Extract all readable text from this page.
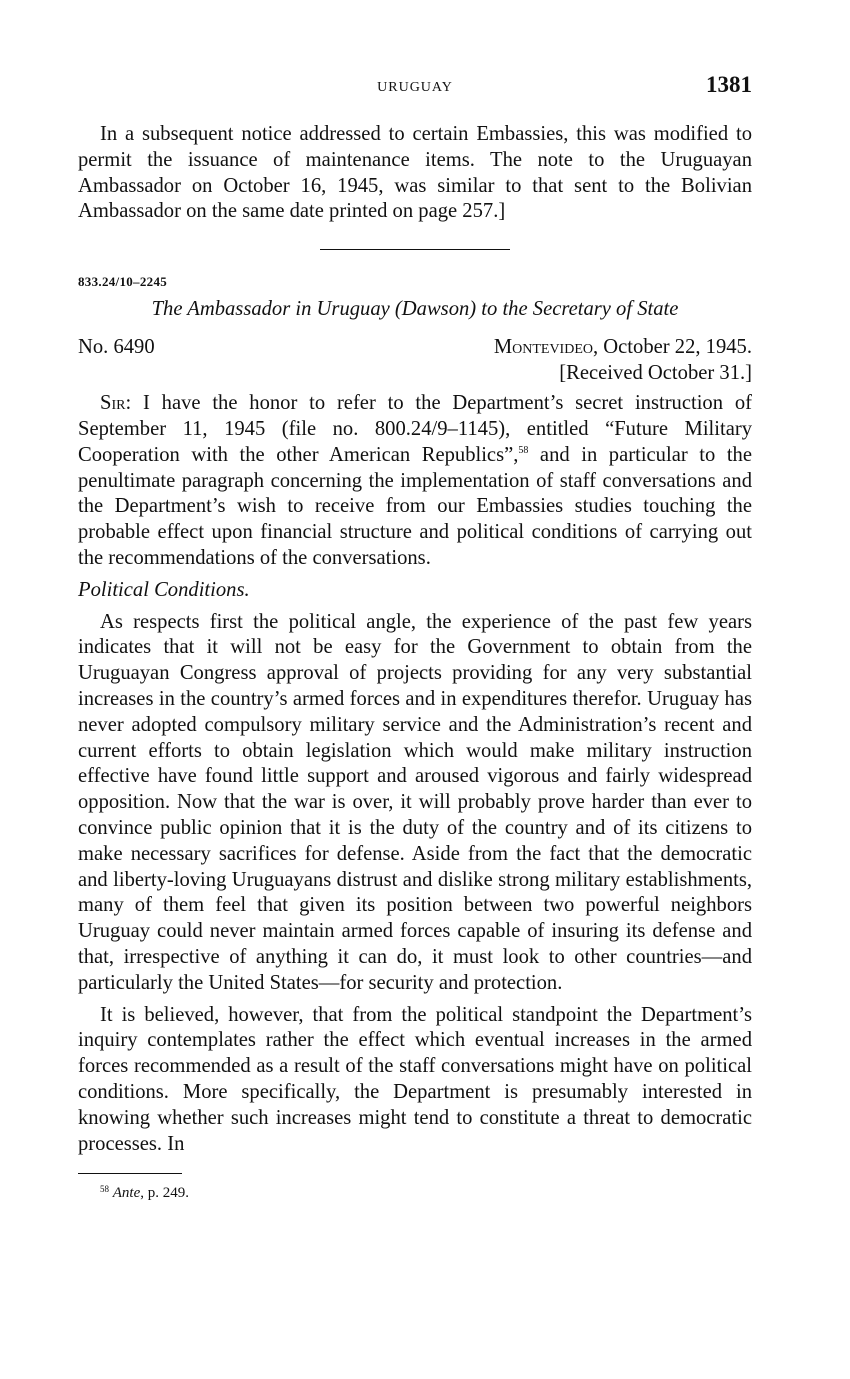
URUGUAY	1381

In a subsequent notice addressed to certain Embassies, this was modified to permit the issuance of maintenance items. The note to the Uruguayan Ambassador on October 16, 1945, was similar to that sent to the Bolivian Ambassador on the same date printed on page 257.]

833.24/10–2245
The Ambassador in Uruguay (Dawson) to the Secretary of State
No. 6490	Montevideo, October 22, 1945.
[Received October 31.]

Sir: I have the honor to refer to the Department’s secret instruction of September 11, 1945 (file no. 800.24/9–1145), entitled “Future Military Cooperation with the other American Republics”,$^{58}$ and in particular to the penultimate paragraph concerning the implementation of staff conversations and the Department’s wish to receive from our Embassies studies touching the probable effect upon financial structure and political conditions of carrying out the recommendations of the conversations.

Political Conditions.

As respects first the political angle, the experience of the past few years indicates that it will not be easy for the Government to obtain from the Uruguayan Congress approval of projects providing for any very substantial increases in the country’s armed forces and in expenditures therefor. Uruguay has never adopted compulsory military service and the Administration’s recent and current efforts to obtain legislation which would make military instruction effective have found little support and aroused vigorous and fairly widespread opposition. Now that the war is over, it will probably prove harder than ever to convince public opinion that it is the duty of the country and of its citizens to make necessary sacrifices for defense. Aside from the fact that the democratic and liberty-loving Uruguayans distrust and dislike strong military establishments, many of them feel that given its position between two powerful neighbors Uruguay could never maintain armed forces capable of insuring its defense and that, irrespective of anything it can do, it must look to other countries—and particularly the United States—for security and protection.

It is believed, however, that from the political standpoint the Department’s inquiry contemplates rather the effect which eventual increases in the armed forces recommended as a result of the staff conversations might have on political conditions. More specifically, the Department is presumably interested in knowing whether such increases might tend to constitute a threat to democratic processes. In

$^{58}$ Ante, p. 249.
